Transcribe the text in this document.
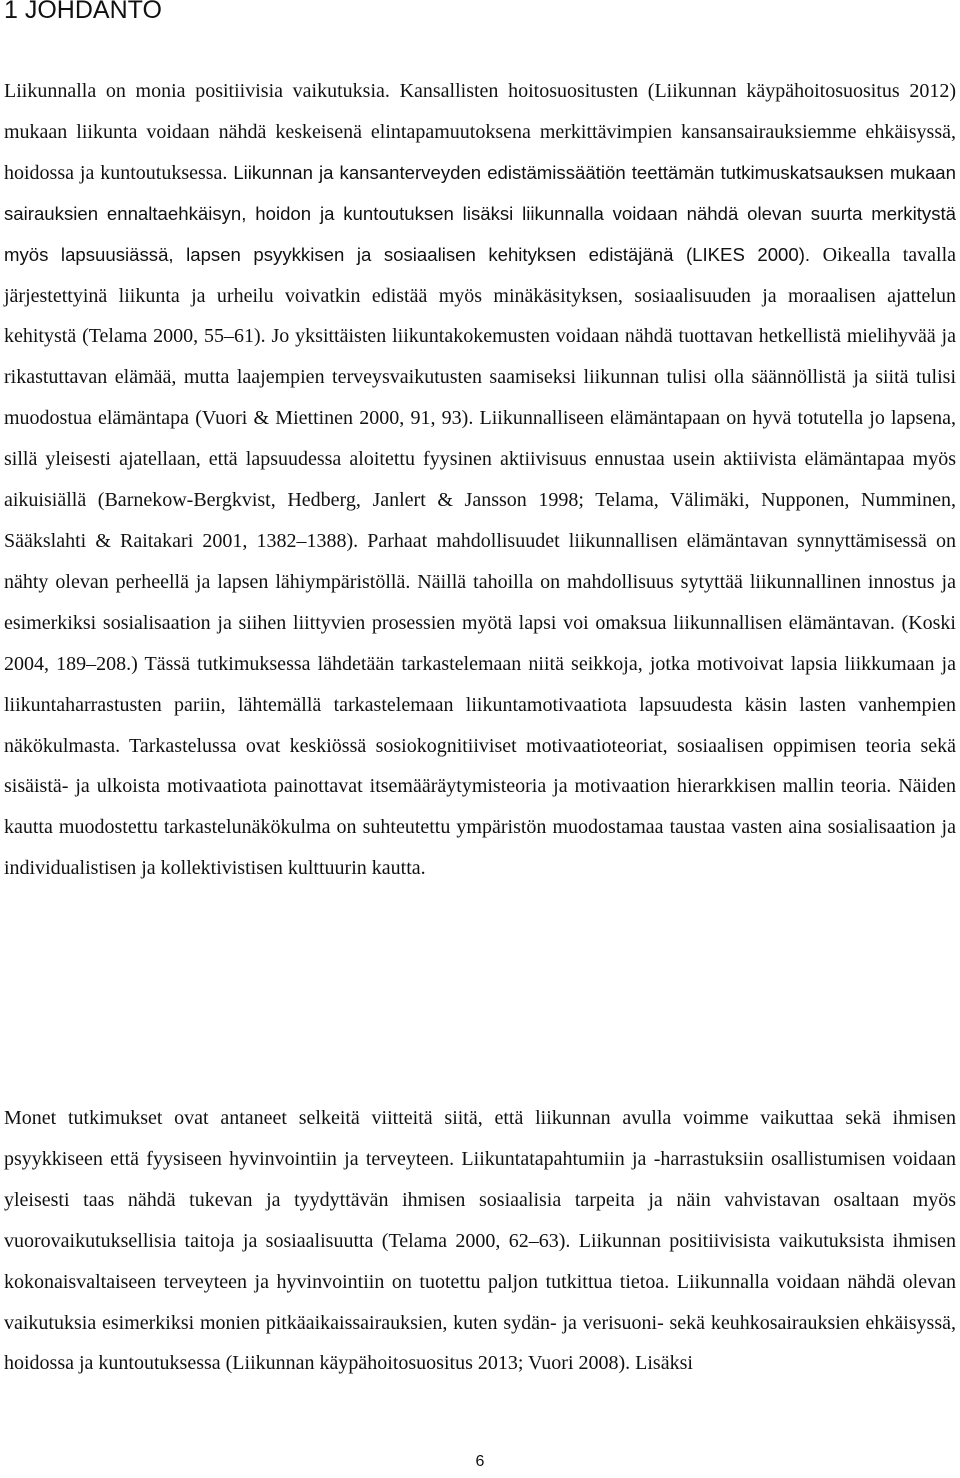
1 JOHDANTO

Liikunnalla on monia positiivisia vaikutuksia. Kansallisten hoitosuositusten (Liikunnan käypähoitosuositus 2012) mukaan liikunta voidaan nähdä keskeisenä elintapamuutoksena merkittävimpien kansansairauksiemme ehkäisyssä, hoidossa ja kuntoutuksessa. Liikunnan ja kansanterveyden edistämissäätiön teettämän tutkimuskatsauksen mukaan sairauksien ennaltaehkäisyn, hoidon ja kuntoutuksen lisäksi liikunnalla voidaan nähdä olevan suurta merkitystä myös lapsuusiässä, lapsen psyykkisen ja sosiaalisen kehityksen edistäjänä (LIKES 2000). Oikealla tavalla järjestettyinä liikunta ja urheilu voivatkin edistää myös minäkäsityksen, sosiaalisuuden ja moraalisen ajattelun kehitystä (Telama 2000, 55–61). Jo yksittäisten liikuntakokemusten voidaan nähdä tuottavan hetkellistä mielihyvää ja rikastuttavan elämää, mutta laajempien terveysvaikutusten saamiseksi liikunnan tulisi olla säännöllistä ja siitä tulisi muodostua elämäntapa (Vuori & Miettinen 2000, 91, 93). Liikunnalliseen elämäntapaan on hyvä totutella jo lapsena, sillä yleisesti ajatellaan, että lapsuudessa aloitettu fyysinen aktiivisuus ennustaa usein aktiivista elämäntapaa myös aikuisiällä (Barnekow-Bergkvist, Hedberg, Janlert & Jansson 1998; Telama, Välimäki, Nupponen, Numminen, Sääkslahti & Raitakari 2001, 1382–1388). Parhaat mahdollisuudet liikunnallisen elämäntavan synnyttämisessä on nähty olevan perheellä ja lapsen lähiympäristöllä. Näillä tahoilla on mahdollisuus sytyttää liikunnallinen innostus ja esimerkiksi sosialisaation ja siihen liittyvien prosessien myötä lapsi voi omaksua liikunnallisen elämäntavan. (Koski 2004, 189–208.) Tässä tutkimuksessa lähdetään tarkastelemaan niitä seikkoja, jotka motivoivat lapsia liikkumaan ja liikuntaharrastusten pariin, lähtemällä tarkastelemaan liikuntamotivaatiota lapsuudesta käsin lasten vanhempien näkökulmasta. Tarkastelussa ovat keskiössä sosiokognitiiviset motivaatioteoriat, sosiaalisen oppimisen teoria sekä sisäistä- ja ulkoista motivaatiota painottavat itsemääräytymisteoria ja motivaation hierarkkisen mallin teoria. Näiden kautta muodostettu tarkastelunäkökulma on suhteutettu ympäristön muodostamaa taustaa vasten aina sosialisaation ja individualistisen ja kollektivistisen kulttuurin kautta.

Monet tutkimukset ovat antaneet selkeitä viitteitä siitä, että liikunnan avulla voimme vaikuttaa sekä ihmisen psyykkiseen että fyysiseen hyvinvointiin ja terveyteen. Liikuntatapahtumiin ja -harrastuksiin osallistumisen voidaan yleisesti taas nähdä tukevan ja tyydyttävän ihmisen sosiaalisia tarpeita ja näin vahvistavan osaltaan myös vuorovaikutuksellisia taitoja ja sosiaalisuutta (Telama 2000, 62–63). Liikunnan positiivisista vaikutuksista ihmisen kokonaisvaltaiseen terveyteen ja hyvinvointiin on tuotettu paljon tutkittua tietoa. Liikunnalla voidaan nähdä olevan vaikutuksia esimerkiksi monien pitkäaikaissairauksien, kuten sydän- ja verisuoni- sekä keuhkosairauksien ehkäisyssä, hoidossa ja kuntoutuksessa (Liikunnan käypähoitosuositus 2013; Vuori 2008). Lisäksi

6
